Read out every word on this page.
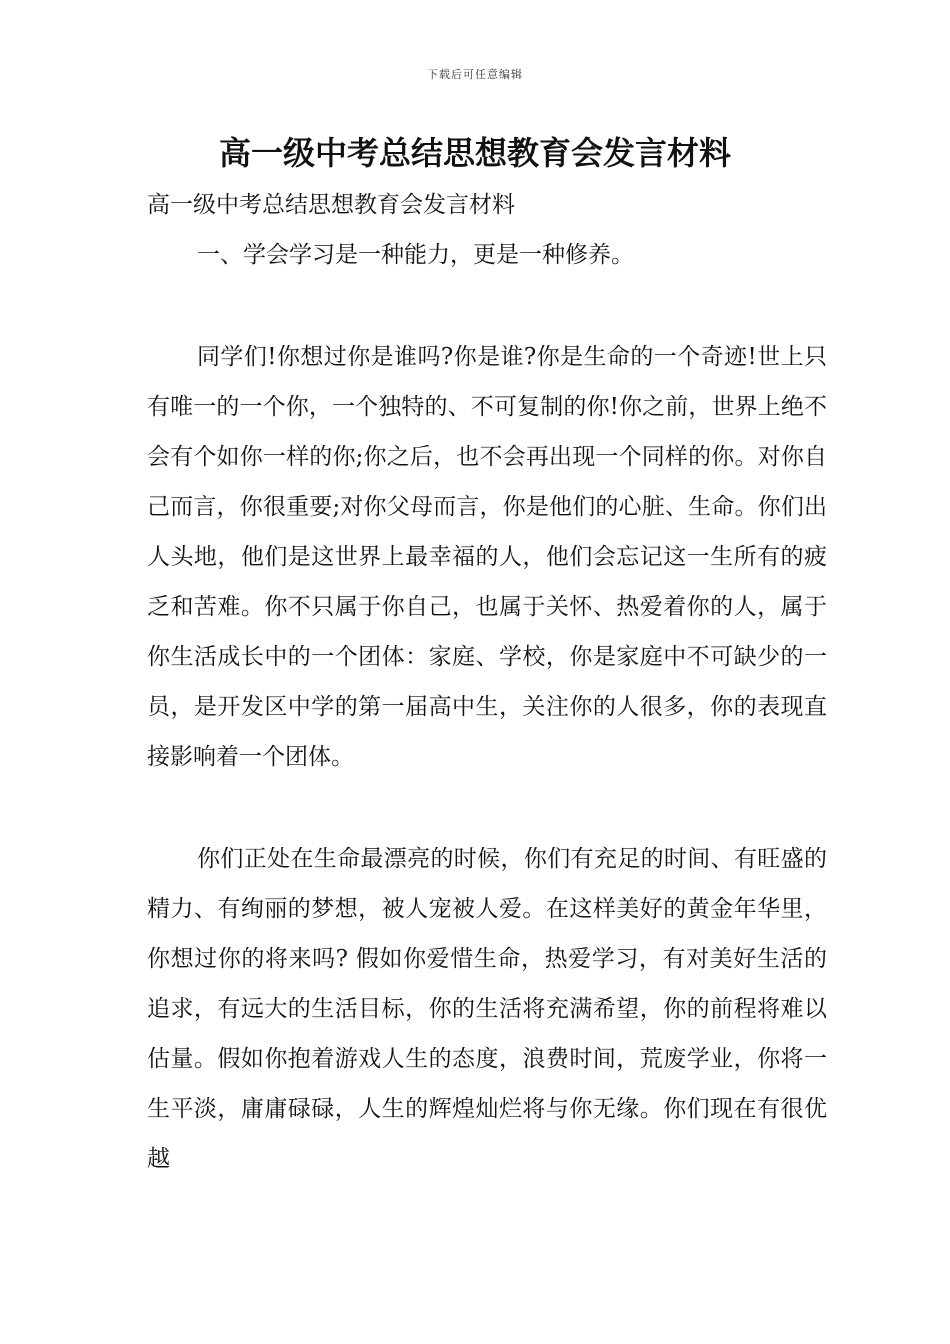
下载后可任意编辑
高一级中考总结思想教育会发言材料

高一级中考总结思想教育会发言材料

一、学会学习是一种能力，更是一种修养。

同学们!你想过你是谁吗?你是谁?你是生命的一个奇迹!世上只有唯一的一个你，一个独特的、不可复制的你!你之前，世界上绝不会有个如你一样的你;你之后，也不会再出现一个同样的你。对你自己而言，你很重要;对你父母而言，你是他们的心脏、生命。你们出人头地，他们是这世界上最幸福的人，他们会忘记这一生所有的疲乏和苦难。你不只属于你自己，也属于关怀、热爱着你的人，属于你生活成长中的一个团体：家庭、学校，你是家庭中不可缺少的一员，是开发区中学的第一届高中生，关注你的人很多，你的表现直接影响着一个团体。

你们正处在生命最漂亮的时候，你们有充足的时间、有旺盛的精力、有绚丽的梦想，被人宠被人爱。在这样美好的黄金年华里，你想过你的将来吗? 假如你爱惜生命，热爱学习，有对美好生活的追求，有远大的生活目标，你的生活将充满希望，你的前程将难以估量。假如你抱着游戏人生的态度，浪费时间，荒废学业，你将一生平淡，庸庸碌碌，人生的辉煌灿烂将与你无缘。你们现在有很优越
